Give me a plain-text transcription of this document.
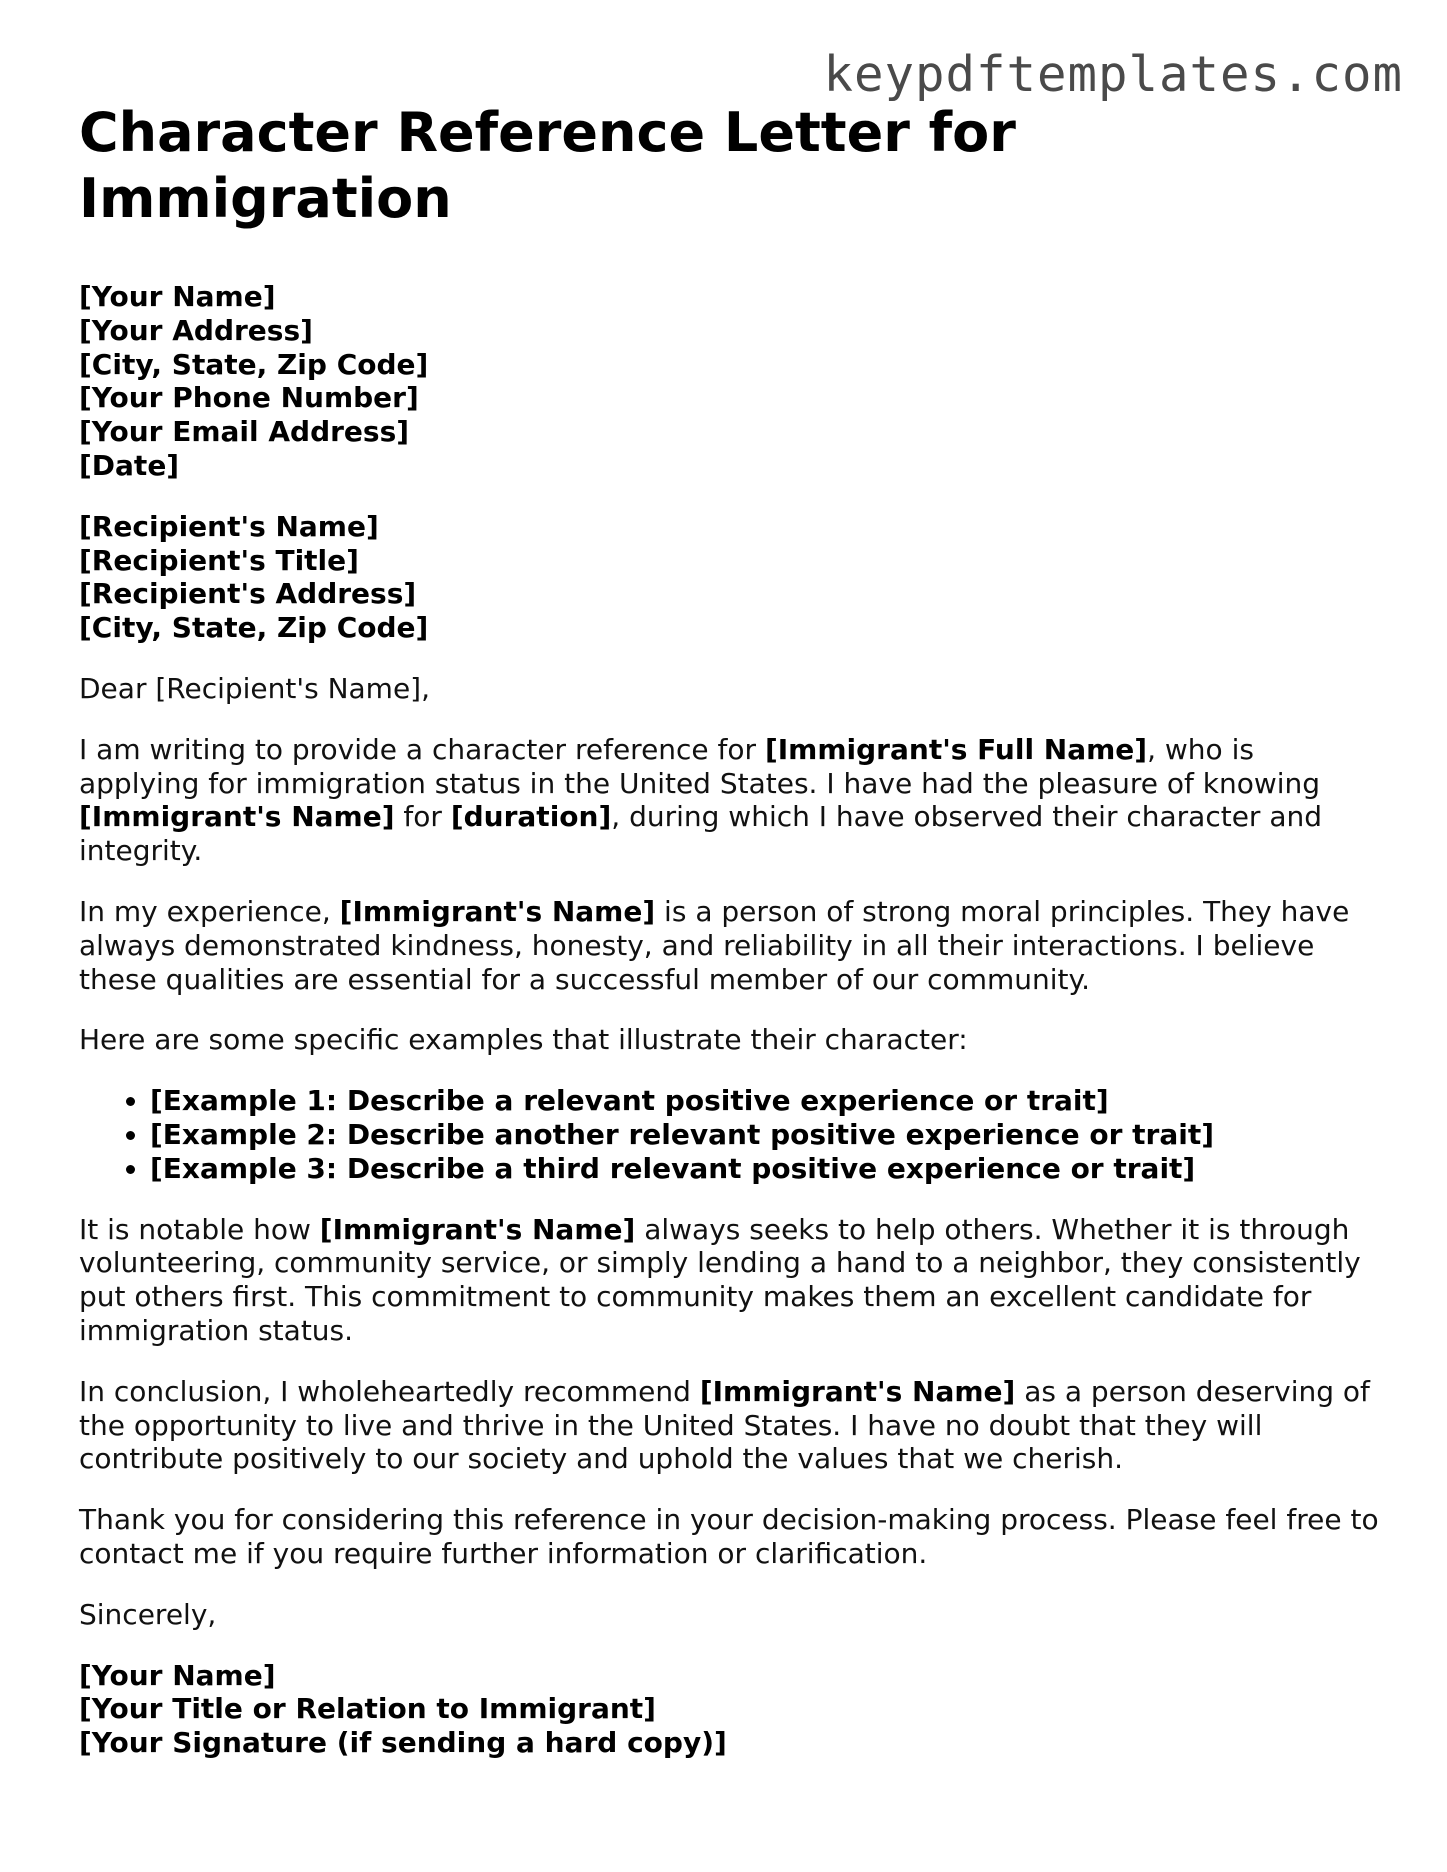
keypdftemplates.com
Character Reference Letter for Immigration
[Your Name]
[Your Address]
[City, State, Zip Code]
[Your Phone Number]
[Your Email Address]
[Date]
[Recipient's Name]
[Recipient's Title]
[Recipient's Address]
[City, State, Zip Code]

Dear [Recipient's Name],

I am writing to provide a character reference for [Immigrant's Full Name], who is applying for immigration status in the United States. I have had the pleasure of knowing [Immigrant's Name] for [duration], during which I have observed their character and integrity.

In my experience, [Immigrant's Name] is a person of strong moral principles. They have always demonstrated kindness, honesty, and reliability in all their interactions. I believe these qualities are essential for a successful member of our community.

Here are some specific examples that illustrate their character:

• [Example 1: Describe a relevant positive experience or trait]
• [Example 2: Describe another relevant positive experience or trait]
• [Example 3: Describe a third relevant positive experience or trait]

It is notable how [Immigrant's Name] always seeks to help others. Whether it is through volunteering, community service, or simply lending a hand to a neighbor, they consistently put others first. This commitment to community makes them an excellent candidate for immigration status.

In conclusion, I wholeheartedly recommend [Immigrant's Name] as a person deserving of the opportunity to live and thrive in the United States. I have no doubt that they will contribute positively to our society and uphold the values that we cherish.

Thank you for considering this reference in your decision-making process. Please feel free to contact me if you require further information or clarification.

Sincerely,

[Your Name]
[Your Title or Relation to Immigrant]
[Your Signature (if sending a hard copy)]
